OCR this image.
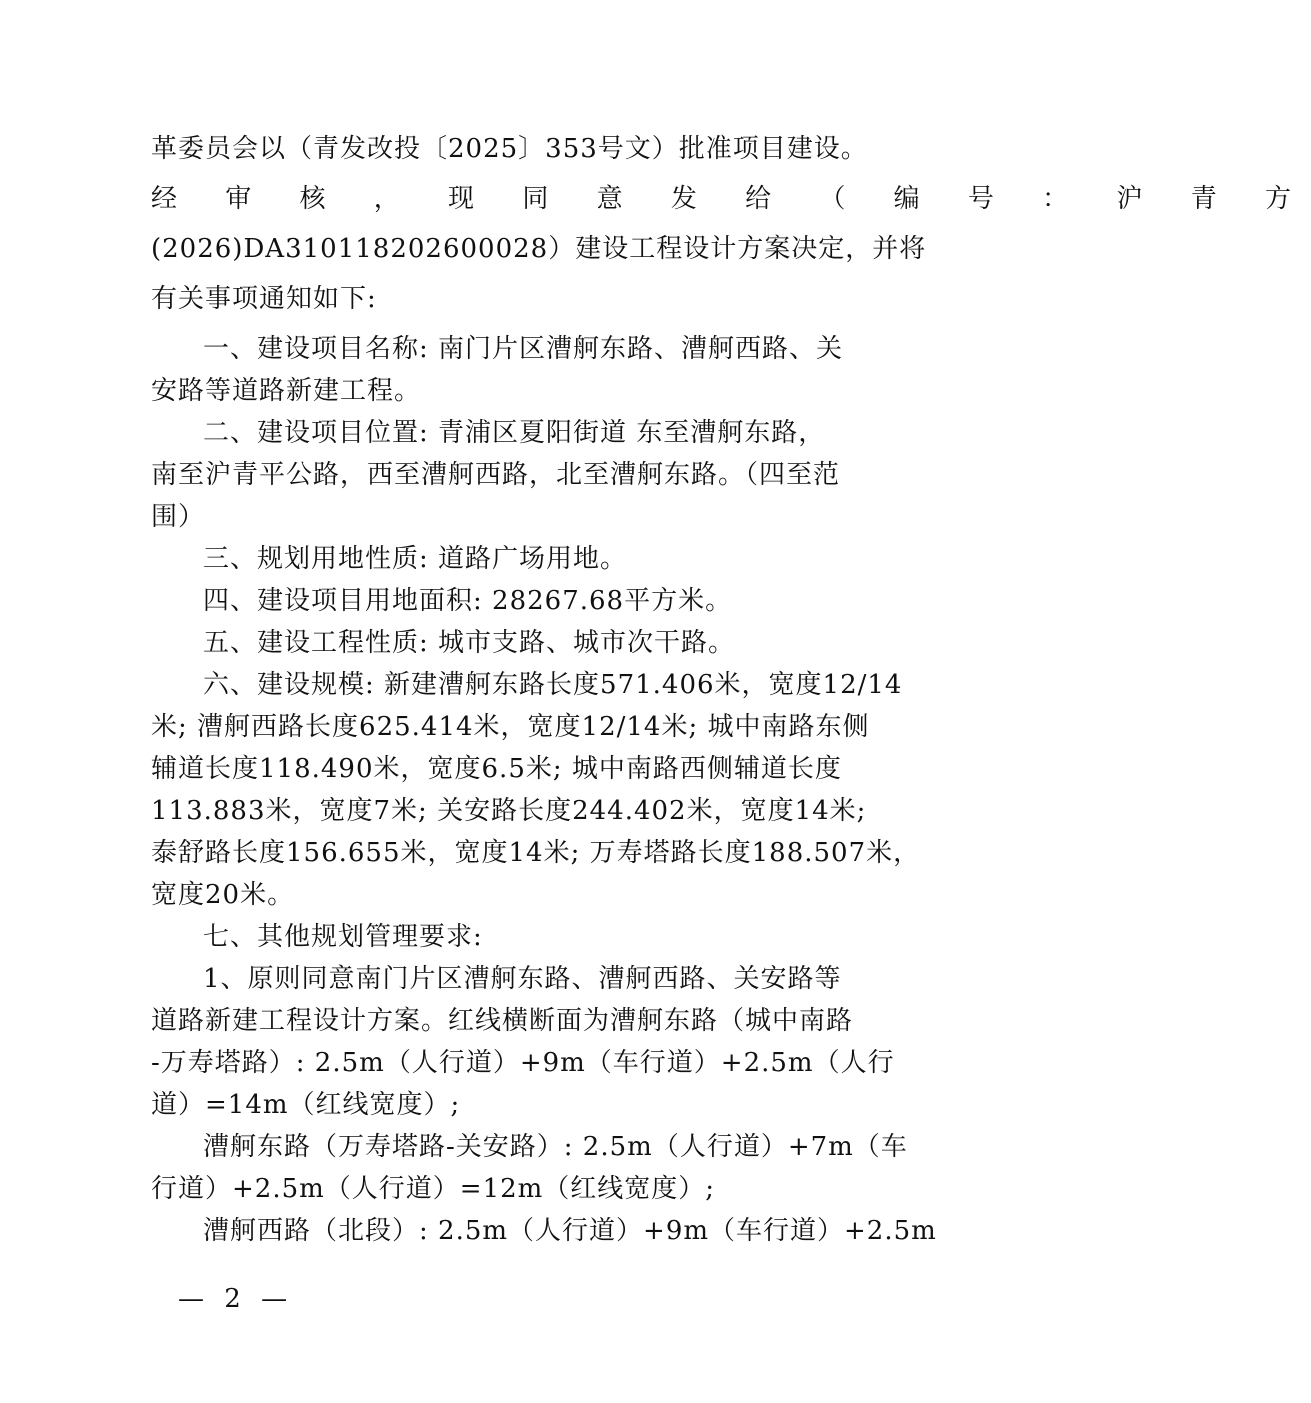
革委员会以（青发改投〔2025〕353号文）批准项目建设。
经 审 核 ， 现 同 意 发 给 （ 编 号 ： 沪 青 方
(2026)DA310118202600028）建设工程设计方案决定，并将
有关事项通知如下:
一、建设项目名称: 南门片区漕舸东路、漕舸西路、关
安路等道路新建工程。
二、建设项目位置: 青浦区夏阳街道 东至漕舸东路，
南至沪青平公路，西至漕舸西路，北至漕舸东路。（四至范
围）
三、规划用地性质: 道路广场用地。
四、建设项目用地面积: 28267.68平方米。
五、建设工程性质: 城市支路、城市次干路。
六、建设规模: 新建漕舸东路长度571.406米，宽度12/14
米; 漕舸西路长度625.414米，宽度12/14米; 城中南路东侧
辅道长度118.490米，宽度6.5米; 城中南路西侧辅道长度
113.883米，宽度7米; 关安路长度244.402米，宽度14米;
泰舒路长度156.655米，宽度14米; 万寿塔路长度188.507米，
宽度20米。
七、其他规划管理要求:
1、原则同意南门片区漕舸东路、漕舸西路、关安路等
道路新建工程设计方案。红线横断面为漕舸东路（城中南路
-万寿塔路）: 2.5m（人行道）+9m（车行道）+2.5m（人行
道）=14m（红线宽度）;
漕舸东路（万寿塔路-关安路）: 2.5m（人行道）+7m（车
行道）+2.5m（人行道）=12m（红线宽度）;
漕舸西路（北段）: 2.5m（人行道）+9m（车行道）+2.5m
— 2 —
